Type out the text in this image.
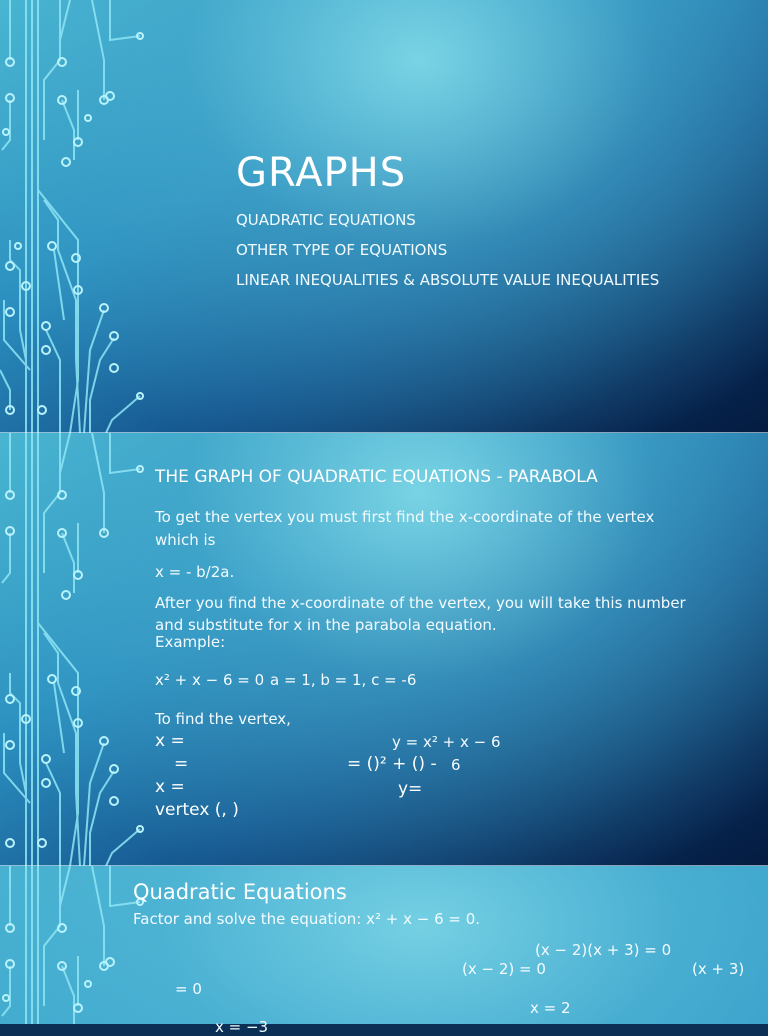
GRAPHS
QUADRATIC EQUATIONS
OTHER TYPE OF EQUATIONS
LINEAR INEQUALITIES & ABSOLUTE VALUE INEQUALITIES
THE GRAPH OF QUADRATIC EQUATIONS - PARABOLA
To get the vertex you must first find the x-coordinate of the vertex
which is
x = - b/2a.
After you find the x-coordinate of the vertex, you will take this number
and substitute for x in the parabola equation.
Example:
x² + x − 6 = 0 a = 1, b = 1, c = -6
To find the vertex,
x =	y = x² + x − 6
=	= ()² + () - 6
x =	y=
vertex (, )
Quadratic Equations
Factor and solve the equation: x² + x − 6 = 0.
(x − 2)(x + 3) = 0
(x − 2) = 0	(x + 3)
= 0
x = 2
x = −3
